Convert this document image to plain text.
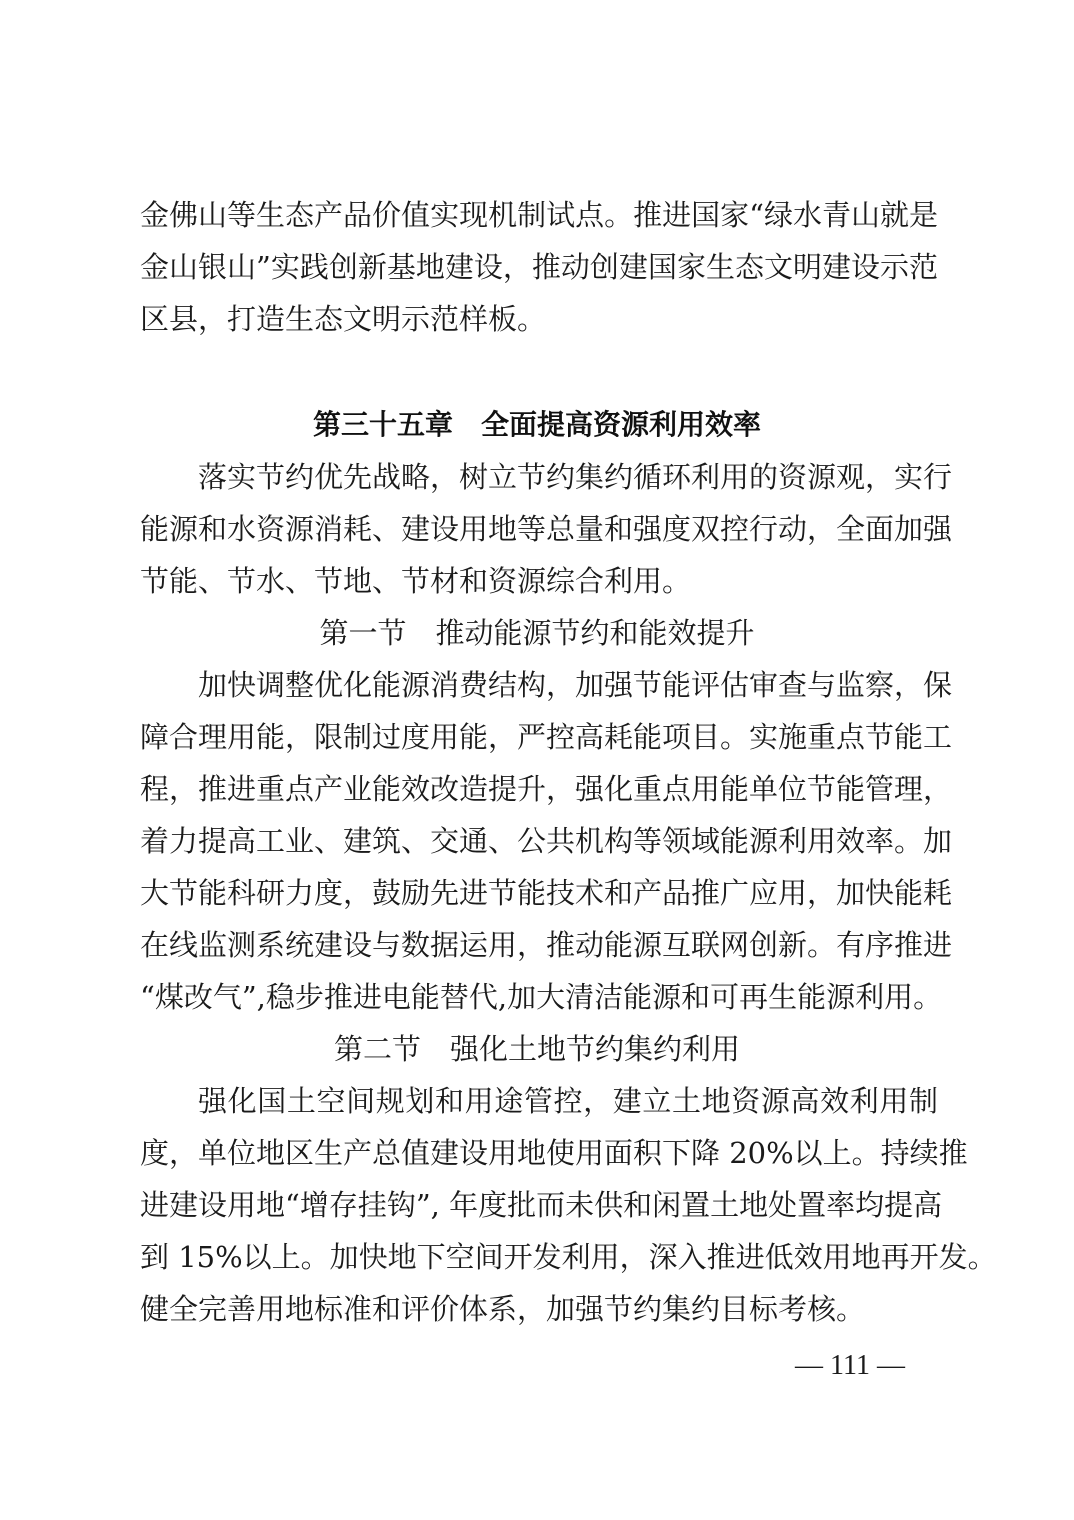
金佛山等生态产品价值实现机制试点。推进国家“绿水青山就是
金山银山”实践创新基地建设，推动创建国家生态文明建设示范
区县，打造生态文明示范样板。
第三十五章　全面提高资源利用效率
落实节约优先战略，树立节约集约循环利用的资源观，实行
能源和水资源消耗、建设用地等总量和强度双控行动，全面加强
节能、节水、节地、节材和资源综合利用。
第一节　推动能源节约和能效提升
加快调整优化能源消费结构，加强节能评估审查与监察，保
障合理用能，限制过度用能，严控高耗能项目。实施重点节能工
程，推进重点产业能效改造提升，强化重点用能单位节能管理，
着力提高工业、建筑、交通、公共机构等领域能源利用效率。加
大节能科研力度，鼓励先进节能技术和产品推广应用，加快能耗
在线监测系统建设与数据运用，推动能源互联网创新。有序推进
“煤改气”,稳步推进电能替代,加大清洁能源和可再生能源利用。
第二节　强化土地节约集约利用
强化国土空间规划和用途管控，建立土地资源高效利用制
度，单位地区生产总值建设用地使用面积下降 20%以上。持续推
进建设用地“增存挂钩”, 年度批而未供和闲置土地处置率均提高
到 15%以上。加快地下空间开发利用，深入推进低效用地再开发。
健全完善用地标准和评价体系，加强节约集约目标考核。
— 111 —
